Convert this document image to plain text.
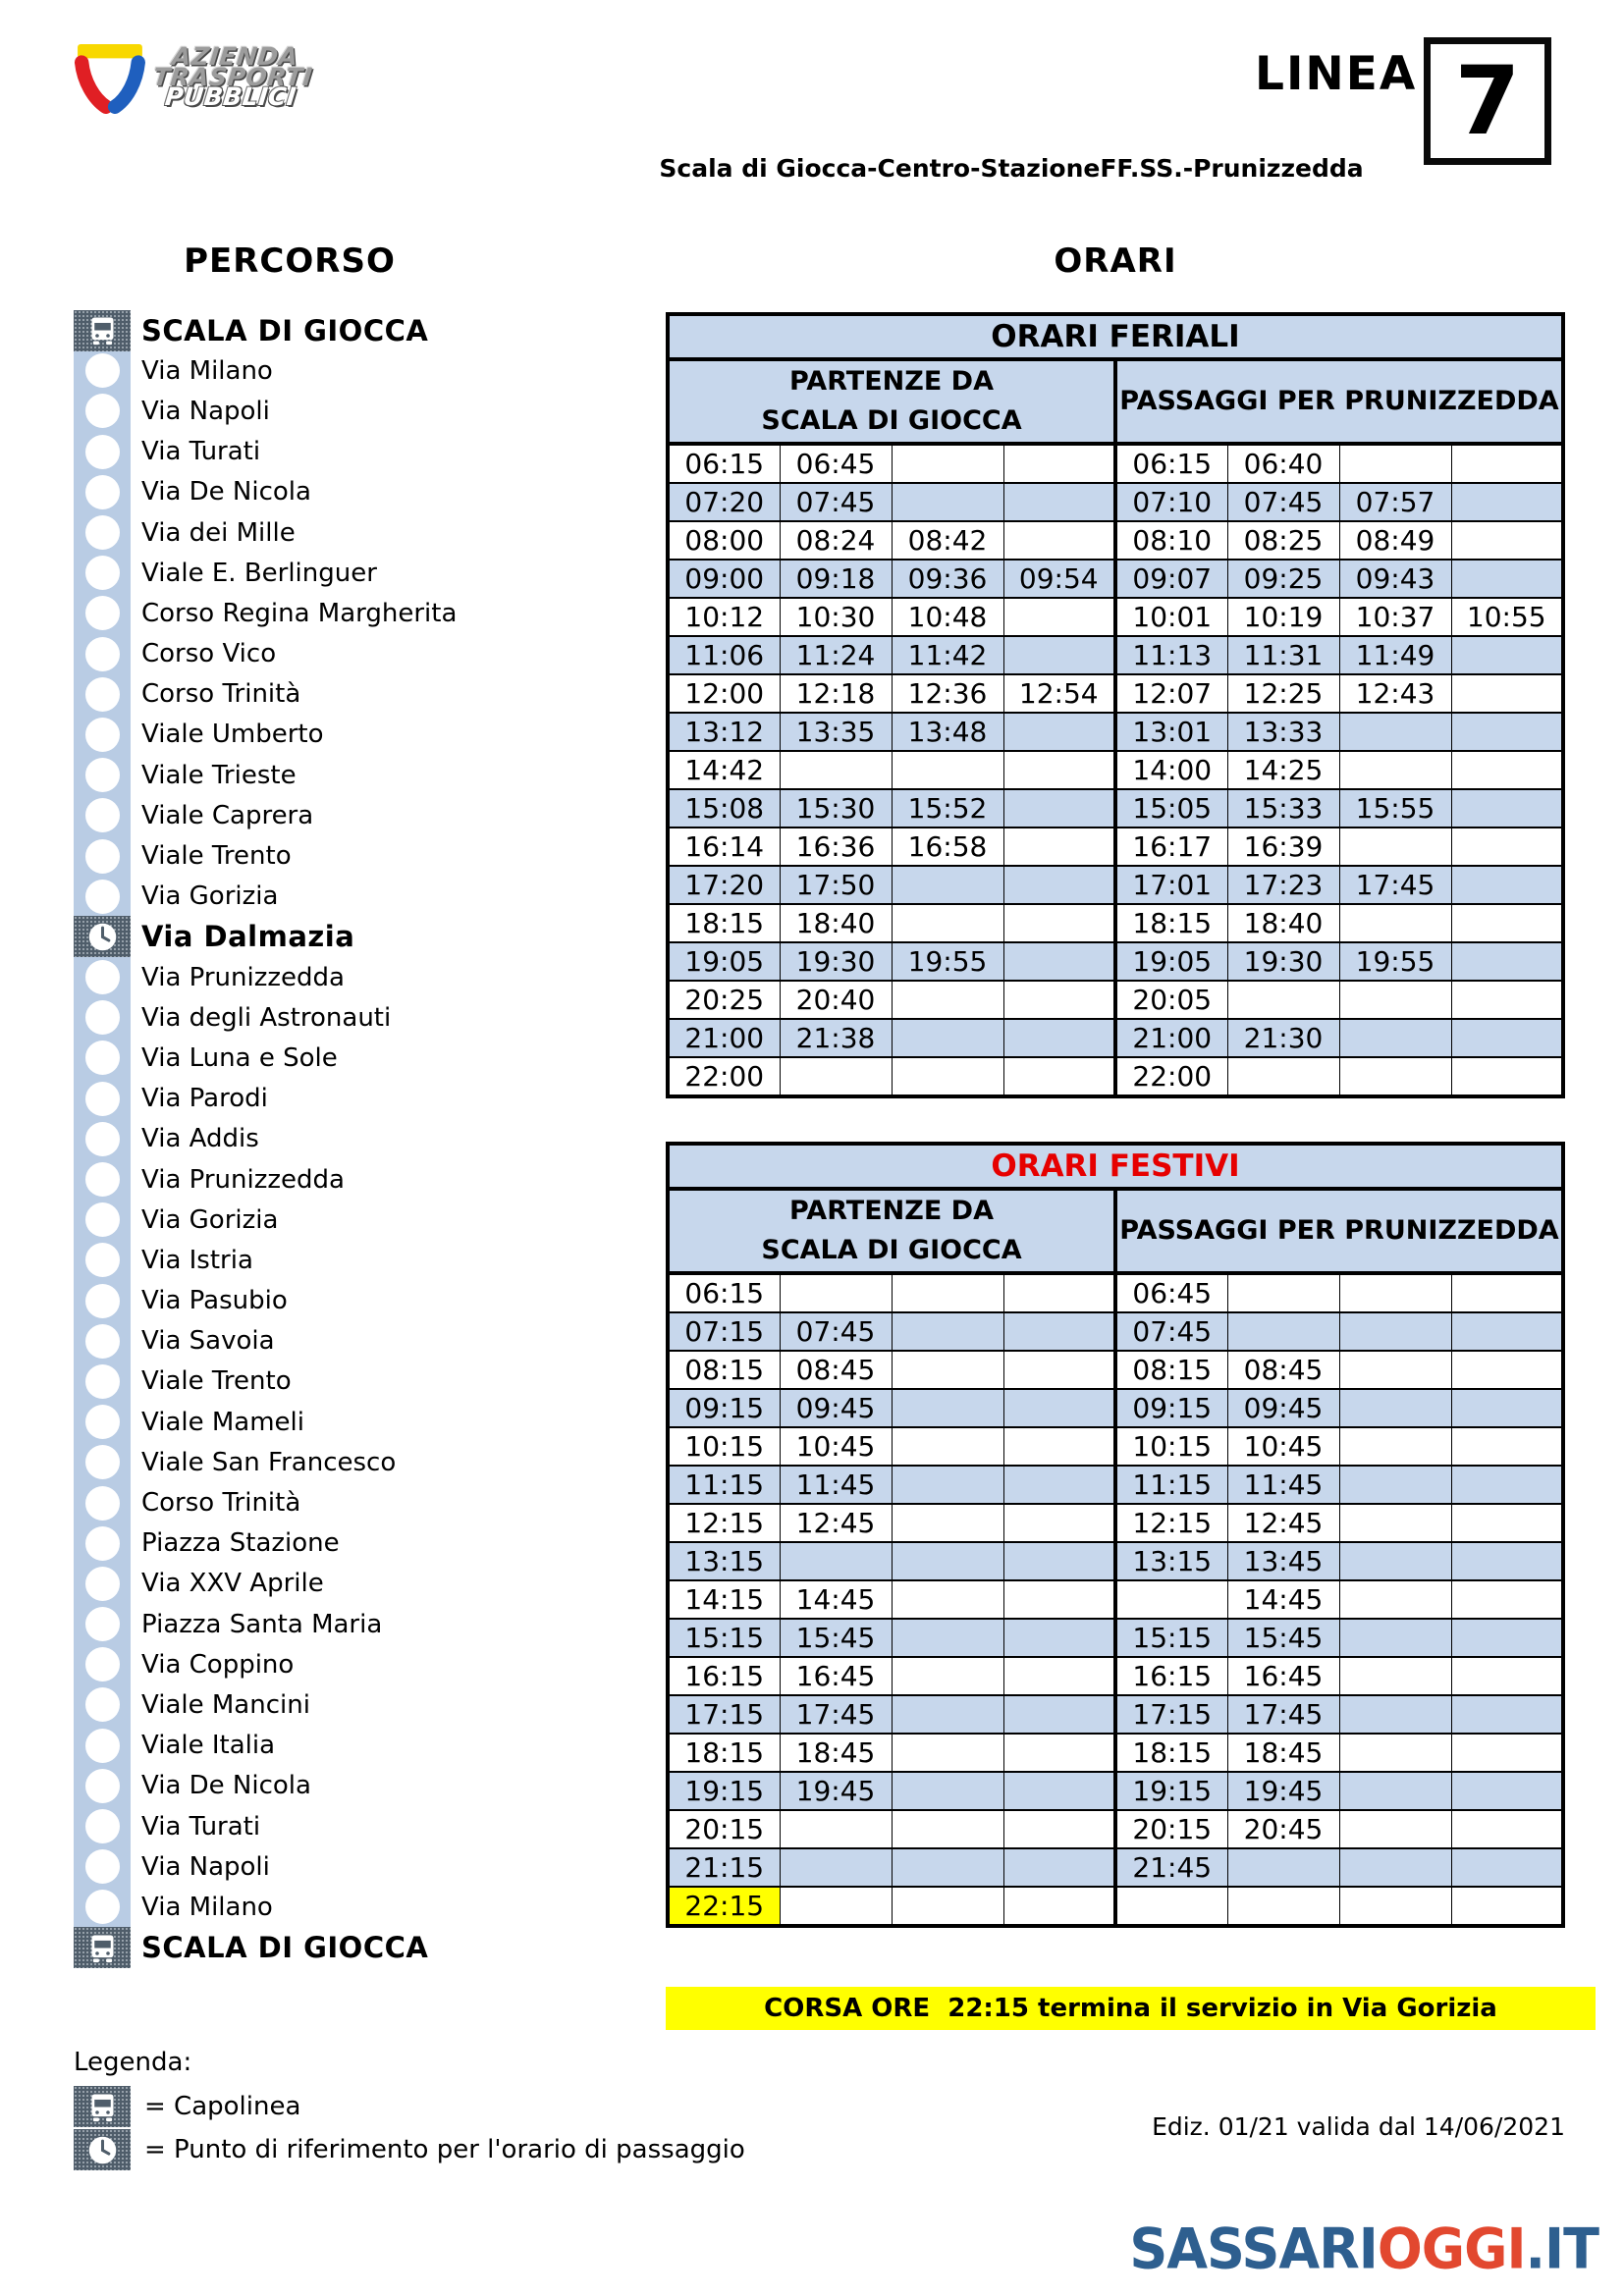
AZIENDA
TRASPORTI
PUBBLICI	LINEA 7
Scala di Giocca-Centro-StazioneFF.SS.-Prunizzedda
PERCORSO	ORARI
SCALA DI GIOCCA
Via Milano
Via Napoli
Via Turati
Via De Nicola
Via dei Mille
Viale E. Berlinguer
Corso Regina Margherita
Corso Vico
Corso Trinità
Viale Umberto
Viale Trieste
Viale Caprera
Viale Trento
Via Gorizia
Via Dalmazia
Via Prunizzedda
Via degli Astronauti
Via Luna e Sole
Via Parodi
Via Addis
Via Prunizzedda
Via Gorizia
Via Istria
Via Pasubio
Via Savoia
Viale Trento
Viale Mameli
Viale San Francesco
Corso Trinità
Piazza Stazione
Via XXV Aprile
Piazza Santa Maria
Via Coppino
Viale Mancini
Viale Italia
Via De Nicola
Via Turati
Via Napoli
Via Milano
SCALA DI GIOCCA
ORARI FERIALI							
PARTENZE DA
SCALA DI GIOCCA				PASSAGGI PER PRUNIZZEDDA			
06:15	06:45			06:15	06:40		
07:20	07:45			07:10	07:45	07:57	
08:00	08:24	08:42		08:10	08:25	08:49	
09:00	09:18	09:36	09:54	09:07	09:25	09:43	
10:12	10:30	10:48		10:01	10:19	10:37	10:55
11:06	11:24	11:42		11:13	11:31	11:49	
12:00	12:18	12:36	12:54	12:07	12:25	12:43	
13:12	13:35	13:48		13:01	13:33		
14:42				14:00	14:25		
15:08	15:30	15:52		15:05	15:33	15:55	
16:14	16:36	16:58		16:17	16:39		
17:20	17:50			17:01	17:23	17:45	
18:15	18:40			18:15	18:40		
19:05	19:30	19:55		19:05	19:30	19:55	
20:25	20:40			20:05			
21:00	21:38			21:00	21:30		
22:00				22:00			
ORARI FESTIVI							
PARTENZE DA
SCALA DI GIOCCA				PASSAGGI PER PRUNIZZEDDA			
06:15				06:45			
07:15	07:45			07:45			
08:15	08:45			08:15	08:45		
09:15	09:45			09:15	09:45		
10:15	10:45			10:15	10:45		
11:15	11:45			11:15	11:45		
12:15	12:45			12:15	12:45		
13:15				13:15	13:45		
14:15	14:45				14:45		
15:15	15:45			15:15	15:45		
16:15	16:45			16:15	16:45		
17:15	17:45			17:15	17:45		
18:15	18:45			18:15	18:45		
19:15	19:45			19:15	19:45		
20:15				20:15	20:45		
21:15				21:45			
22:15							
CORSA ORE  22:15 termina il servizio in Via Gorizia
Legenda:
= Capolinea
= Punto di riferimento per l'orario di passaggio
Ediz. 01/21 valida dal 14/06/2021
SASSARIOGGI.IT
